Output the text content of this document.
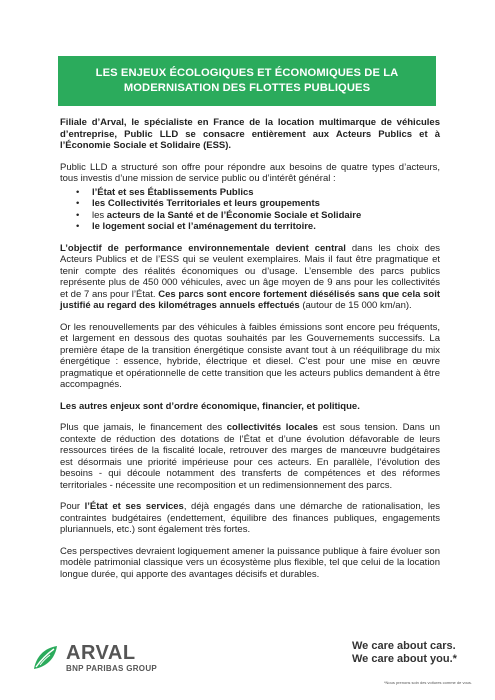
LES ENJEUX ÉCOLOGIQUES ET ÉCONOMIQUES DE LA
MODERNISATION DES FLOTTES PUBLIQUES

Filiale d’Arval, le spécialiste en France de la location multimarque de véhicules d’entreprise, Public LLD se consacre entièrement aux Acteurs Publics et à l’Économie Sociale et Solidaire (ESS).

Public LLD a structuré son offre pour répondre aux besoins de quatre types d’acteurs, tous investis d’une mission de service public ou d’intérêt général :

• l’État et ses Établissements Publics
• les Collectivités Territoriales et leurs groupements
• les acteurs de la Santé et de l’Économie Sociale et Solidaire
• le logement social et l’aménagement du territoire.

L’objectif de performance environnementale devient central dans les choix des Acteurs Publics et de l’ESS qui se veulent exemplaires. Mais il faut être pragmatique et tenir compte des réalités économiques ou d’usage. L’ensemble des parcs publics représente plus de 450 000 véhicules, avec un âge moyen de 9 ans pour les collectivités et de 7 ans pour l’État. Ces parcs sont encore fortement diésélisés sans que cela soit justifié au regard des kilométrages annuels effectués (autour de 15 000 km/an).

Or les renouvellements par des véhicules à faibles émissions sont encore peu fréquents, et largement en dessous des quotas souhaités par les Gouvernements successifs. La première étape de la transition énergétique consiste avant tout à un rééquilibrage du mix énergétique : essence, hybride, électrique et diesel. C’est pour une mise en œuvre pragmatique et opérationnelle de cette transition que les acteurs publics demandent à être accompagnés.

Les autres enjeux sont d’ordre économique, financier, et politique.

Plus que jamais, le financement des collectivités locales est sous tension. Dans un contexte de réduction des dotations de l’État et d’une évolution défavorable de leurs ressources tirées de la fiscalité locale, retrouver des marges de manœuvre budgétaires est désormais une priorité impérieuse pour ces acteurs. En parallèle, l’évolution des besoins - qui découle notamment des transferts de compétences et des réformes territoriales - nécessite une recomposition et un redimensionnement des parcs.

Pour l’État et ses services, déjà engagés dans une démarche de rationalisation, les contraintes budgétaires (endettement, équilibre des finances publiques, engagements pluriannuels, etc.) sont également très fortes.

Ces perspectives devraient logiquement amener la puissance publique à faire évoluer son modèle patrimonial classique vers un écosystème plus flexible, tel que celui de la location longue durée, qui apporte des avantages décisifs et durables.

ARVAL
BNP PARIBAS GROUP
We care about cars.
We care about you.*
*Nous prenons soin des voitures comme de vous.
